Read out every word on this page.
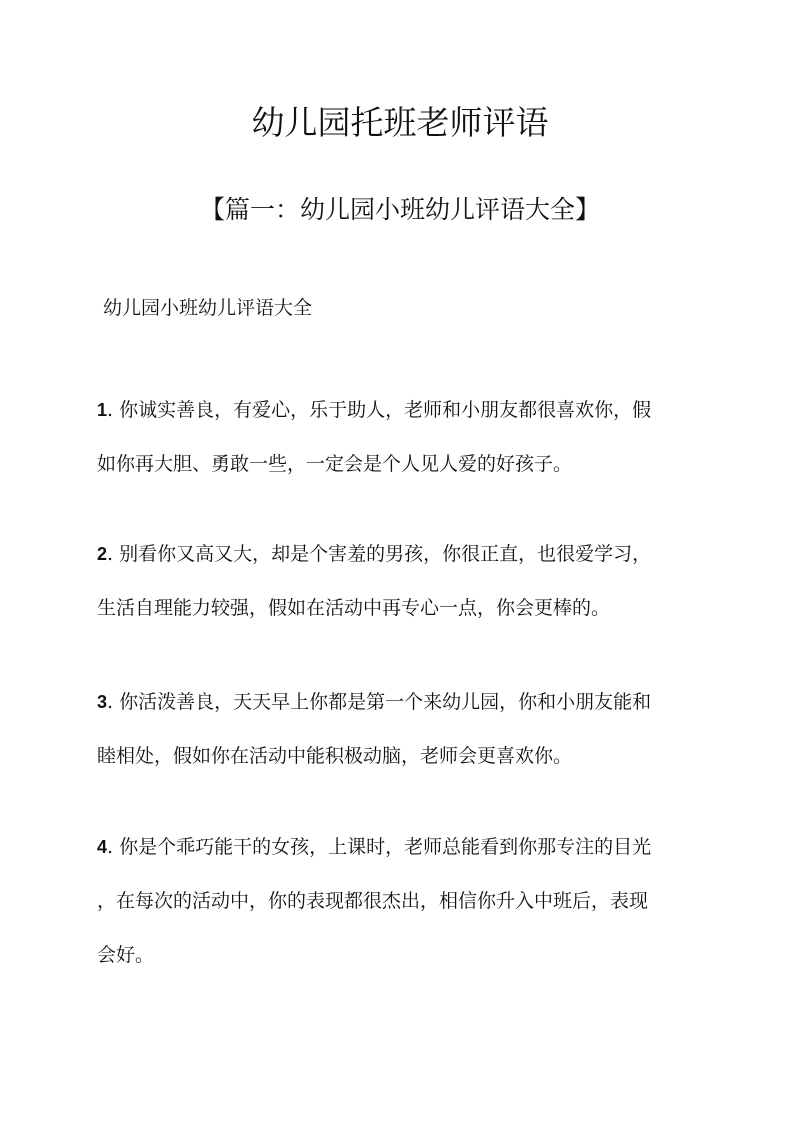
幼儿园托班老师评语
【篇一：幼儿园小班幼儿评语大全】
幼儿园小班幼儿评语大全
1. 你诚实善良，有爱心，乐于助人，老师和小朋友都很喜欢你，假
如你再大胆、勇敢一些，一定会是个人见人爱的好孩子。
2. 别看你又高又大，却是个害羞的男孩，你很正直，也很爱学习，
生活自理能力较强，假如在活动中再专心一点，你会更棒的。
3. 你活泼善良，天天早上你都是第一个来幼儿园，你和小朋友能和
睦相处，假如你在活动中能积极动脑，老师会更喜欢你。
4. 你是个乖巧能干的女孩，上课时，老师总能看到你那专注的目光
，在每次的活动中，你的表现都很杰出，相信你升入中班后，表现
会好。
